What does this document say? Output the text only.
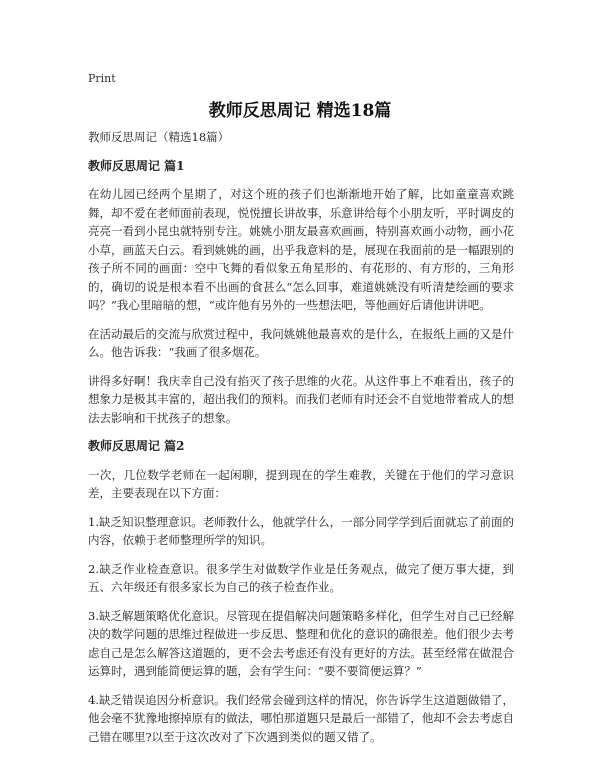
Print
教师反思周记 精选18篇

教师反思周记（精选18篇）

教师反思周记 篇1

在幼儿园已经两个星期了，对这个班的孩子们也渐渐地开始了解，比如童童喜欢跳舞，却不爱在老师面前表现，悦悦擅长讲故事，乐意讲给每个小朋友听，平时调皮的亮亮一看到小昆虫就特别专注。姚姚小朋友最喜欢画画，特别喜欢画小动物，画小花小草，画蓝天白云。看到姚姚的画，出乎我意料的是，展现在我面前的是一幅跟别的孩子所不同的画面：空中飞舞的看似象五角星形的、有花形的、有方形的，三角形的，确切的说是根本看不出画的食甚么“怎么回事，难道姚姚没有听清楚绘画的要求吗？”我心里暗暗的想，“或许他有另外的一些想法吧，等他画好后请他讲讲吧。

在活动最后的交流与欣赏过程中，我问姚姚他最喜欢的是什么，在报纸上画的又是什么。他告诉我：“我画了很多烟花。

讲得多好啊！我庆幸自己没有掐灭了孩子思维的火花。从这件事上不难看出，孩子的想象力是极其丰富的，超出我们的预料。而我们老师有时还会不自觉地带着成人的想法去影响和干扰孩子的想象。

教师反思周记 篇2

一次，几位数学老师在一起闲聊，提到现在的学生难教，关键在于他们的学习意识差，主要表现在以下方面：

1.缺乏知识整理意识。老师教什么，他就学什么，一部分同学学到后面就忘了前面的内容，依赖于老师整理所学的知识。

2.缺乏作业检查意识。很多学生对做数学作业是任务观点，做完了便万事大捷，到五、六年级还有很多家长为自己的孩子检查作业。

3.缺乏解题策略优化意识。尽管现在提倡解决问题策略多样化，但学生对自己已经解决的数学问题的思维过程做进一步反思、整理和优化的意识的确很差。他们很少去考虑自己是怎么解答这道题的，更不会去考虑还有没有更好的方法。甚至经常在做混合运算时，遇到能简便运算的题，会有学生问：“要不要简便运算？”

4.缺乏错误追因分析意识。我们经常会碰到这样的情况，你告诉学生这道题做错了，他会毫不犹豫地擦掉原有的做法，哪怕那道题只是最后一部错了，他却不会去考虑自己错在哪里?以至于这次改对了下次遇到类似的题又错了。
